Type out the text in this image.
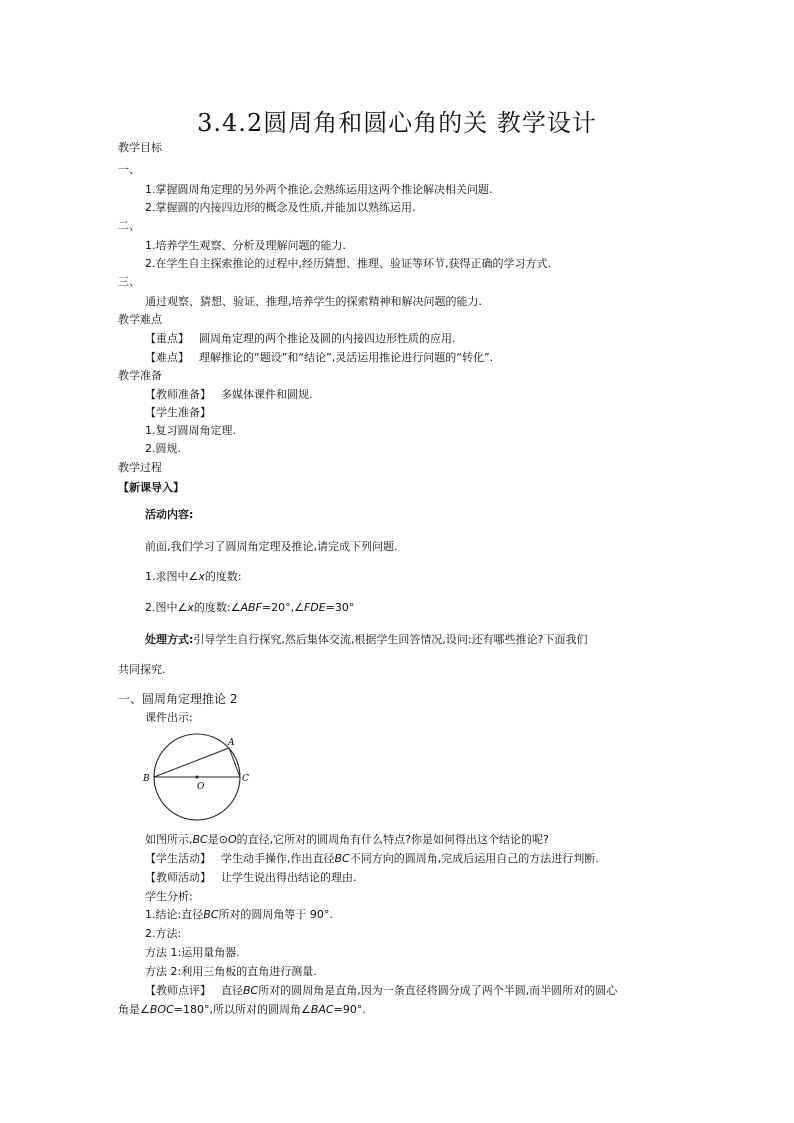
3.4.2圆周角和圆心角的关 教学设计
教学目标
一、
1.掌握圆周角定理的另外两个推论,会熟练运用这两个推论解决相关问题.
2.掌握圆的内接四边形的概念及性质,并能加以熟练运用.
二、
1.培养学生观察、分析及理解问题的能力.
2.在学生自主探索推论的过程中,经历猜想、推理、验证等环节,获得正确的学习方式.
三、
通过观察、猜想、验证、推理,培养学生的探索精神和解决问题的能力.
教学难点
【重点】 圆周角定理的两个推论及圆的内接四边形性质的应用.
【难点】 理解推论的“题设”和“结论”,灵活运用推论进行问题的“转化”.
教学准备
【教师准备】 多媒体课件和圆规.
【学生准备】
1.复习圆周角定理.
2.圆规.
教学过程
【新课导入】
活动内容:
前面,我们学习了圆周角定理及推论,请完成下列问题.
1.求图中∠x的度数:
2.图中∠x的度数:∠ABF=20°,∠FDE=30°
处理方式:引导学生自行探究,然后集体交流,根据学生回答情况,设问:还有哪些推论?下面我们
共同探究.
一、圆周角定理推论 2
课件出示:
A
B	C
O
如图所示,BC是⊙O的直径,它所对的圆周角有什么特点?你是如何得出这个结论的呢?
【学生活动】 学生动手操作,作出直径BC不同方向的圆周角,完成后运用自己的方法进行判断.
【教师活动】 让学生说出得出结论的理由.
学生分析:
1.结论:直径BC所对的圆周角等于 90°.
2.方法:
方法 1:运用量角器.
方法 2:利用三角板的直角进行测量.
【教师点评】 直径BC所对的圆周角是直角,因为一条直径将圆分成了两个半圆,而半圆所对的圆心
角是∠BOC=180°,所以所对的圆周角∠BAC=90°.
